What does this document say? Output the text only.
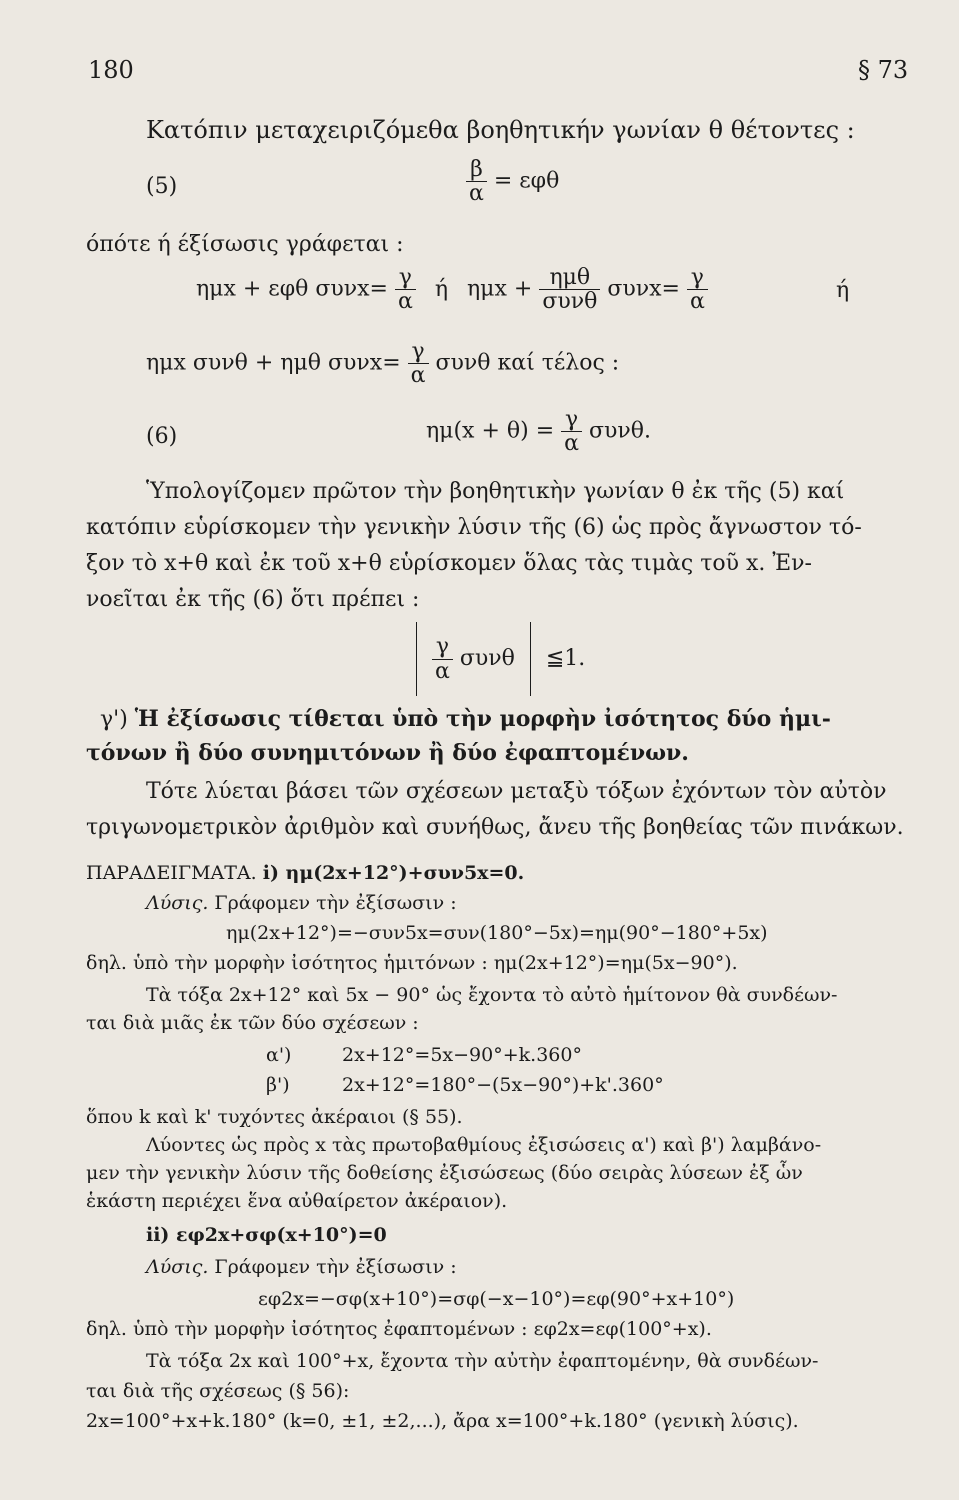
180	§ 73
Κατόπιν μεταχειριζόμεθα βοηθητικήν γωνίαν θ θέτοντες :
(5)	$\frac{\beta}{\alpha} = \varepsilon\varphi\theta$
όπότε ή έξίσωσις γράφεται :
ημx + εφθ $\sigma\upsilon\nu x= \frac{\gamma}{\alpha}$ ή $\eta\mu x + \frac{\text{ημθ}}{\text{συνθ}} \sigma\upsilon\nu x= \frac{\gamma}{\alpha}$	ή
ημx συνθ + ημθ $\sigma\upsilon\nu x= \frac{\gamma}{\alpha}$ συνθ καί τέλος :
(6)	$\eta\mu(x + \theta) = \frac{\gamma}{\alpha} \sigma\upsilon\nu\theta$.
Ὑπολογίζομεν πρῶτον τὴν βοηθητικὴν γωνίαν θ ἐκ τῆς (5) καί
κατόπιν εὑρίσκομεν τὴν γενικὴν λύσιν τῆς (6) ὡς πρὸς ἄγνωστον τό-
ξον τὸ x+θ καὶ ἐκ τοῦ x+θ εὑρίσκομεν ὅλας τὰς τιμὰς τοῦ x. Ἐν-
νοεῖται ἐκ τῆς (6) ὅτι πρέπει :

$\frac{\gamma}{\alpha}$ συνθ ≦1.
γ') Ἡ ἐξίσωσις τίθεται ὑπὸ τὴν μορφὴν ἰσότητος δύο ἡμι-
τόνων ἢ δύο συνημιτόνων ἢ δύο ἐφαπτομένων.
Τότε λύεται βάσει τῶν σχέσεων μεταξὺ τόξων ἐχόντων τὸν αὐτὸν
τριγωνομετρικὸν ἀριθμὸν καὶ συνήθως, ἄνευ τῆς βοηθείας τῶν πινάκων.
ΠΑΡΑΔΕΙΓΜΑΤΑ. i) ημ(2x+12°)+συν5x=0.
Λύσις. Γράφομεν τὴν ἐξίσωσιν :
ημ(2x+12°)=−συν5x=συν(180°−5x)=ημ(90°−180°+5x)
δηλ. ὑπὸ τὴν μορφὴν ἰσότητος ἡμιτόνων : ημ(2x+12°)=ημ(5x−90°).
Τὰ τόξα 2x+12° καὶ 5x − 90° ὡς ἔχοντα τὸ αὐτὸ ἡμίτονον θὰ συνδέων-
ται διὰ μιᾶς ἐκ τῶν δύο σχέσεων :
α')	2x+12°=5x−90°+k.360°
β')	2x+12°=180°−(5x−90°)+k'.360°
ὅπου k καὶ k' τυχόντες ἀκέραιοι (§ 55).
Λύοντες ὡς πρὸς x τὰς πρωτοβαθμίους ἐξισώσεις α') καὶ β') λαμβάνο-
μεν τὴν γενικὴν λύσιν τῆς δοθείσης ἐξισώσεως (δύο σειρὰς λύσεων ἐξ ὧν
ἑκάστη περιέχει ἕνα αὐθαίρετον ἀκέραιον).
ii) εφ2x+σφ(x+10°)=0
Λύσις. Γράφομεν τὴν ἐξίσωσιν :
εφ2x=−σφ(x+10°)=σφ(−x−10°)=εφ(90°+x+10°)
δηλ. ὑπὸ τὴν μορφὴν ἰσότητος ἐφαπτομένων : εφ2x=εφ(100°+x).
Τὰ τόξα 2x καὶ 100°+x, ἔχοντα τὴν αὐτὴν ἐφαπτομένην, θὰ συνδέων-
ται διὰ τῆς σχέσεως (§ 56):
2x=100°+x+k.180° (k=0, ±1, ±2,...), ἄρα x=100°+k.180° (γενικὴ λύσις).
